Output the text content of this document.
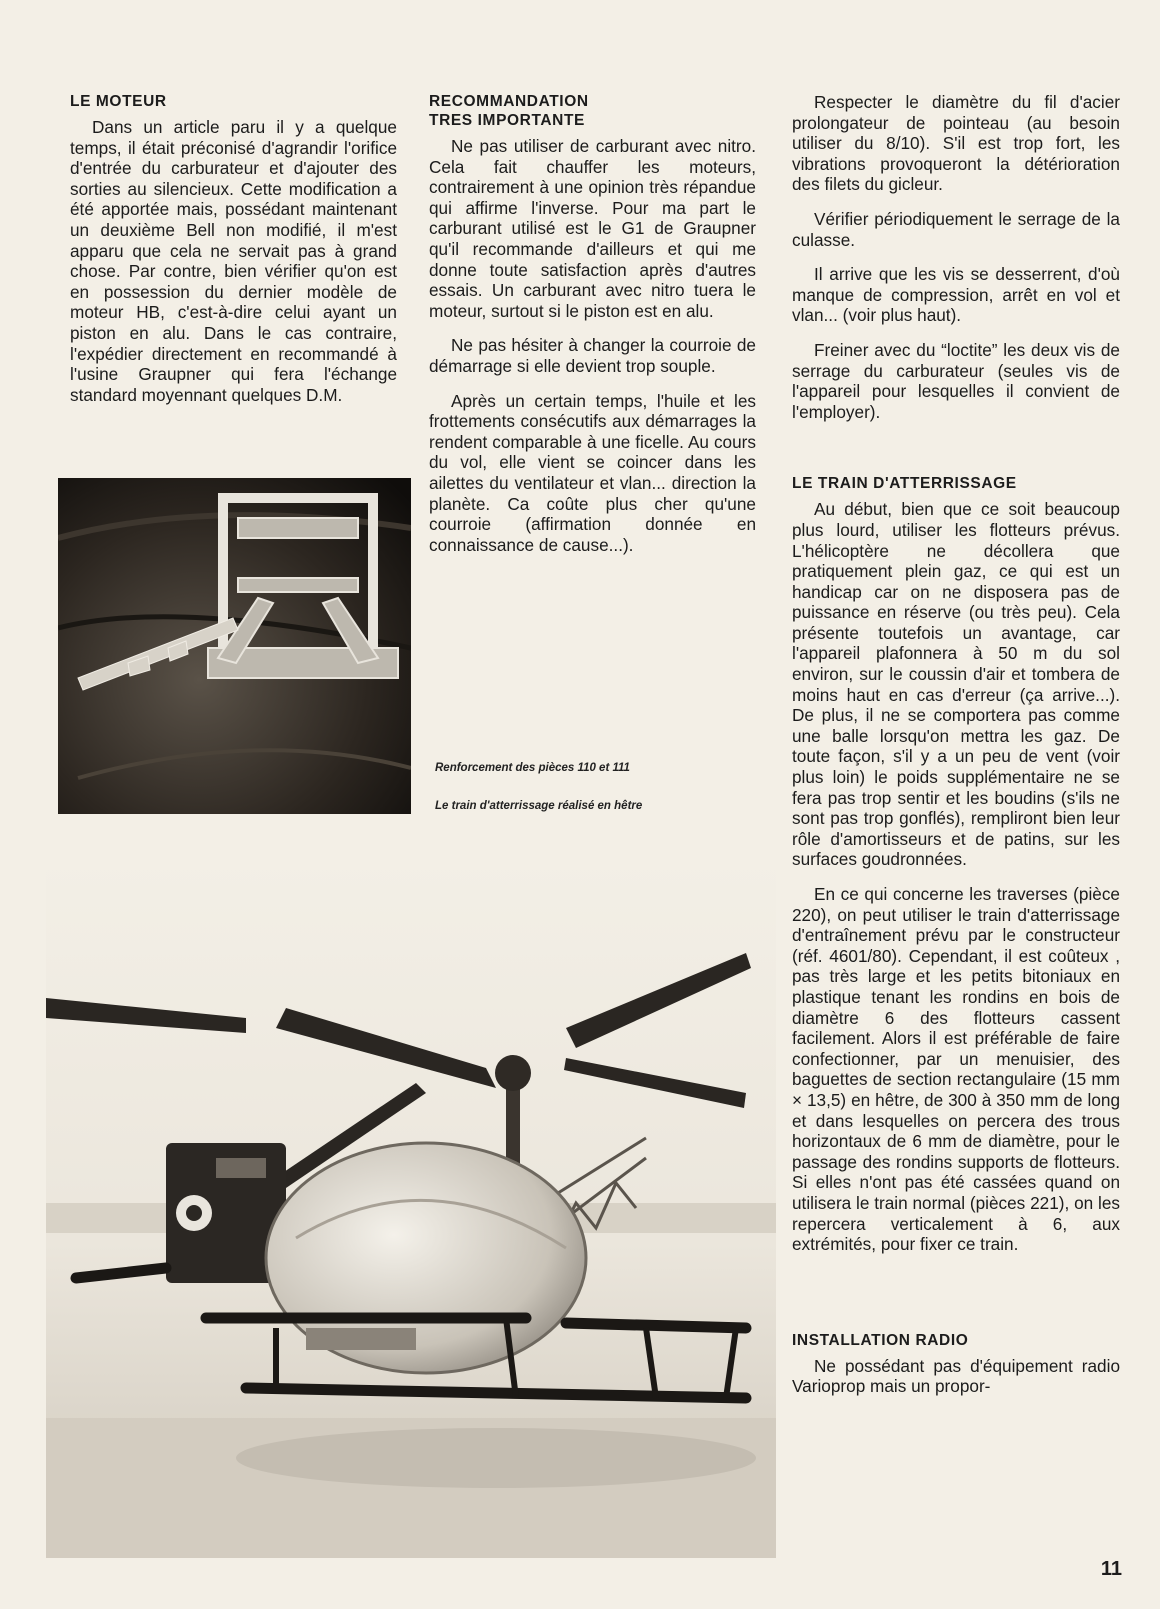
LE MOTEUR

Dans un article paru il y a quelque temps, il était préconisé d'agrandir l'orifice d'entrée du carburateur et d'ajouter des sorties au silencieux. Cette modification a été apportée mais, possédant maintenant un deuxième Bell non modifié, il m'est apparu que cela ne servait pas à grand chose. Par contre, bien vérifier qu'on est en possession du dernier modèle de moteur HB, c'est-à-dire celui ayant un piston en alu. Dans le cas contraire, l'expédier directement en recommandé à l'usine Graupner qui fera l'échange standard moyennant quelques D.M.

RECOMMANDATION
TRES IMPORTANTE

Ne pas utiliser de carburant avec nitro. Cela fait chauffer les moteurs, contrairement à une opinion très répandue qui affirme l'inverse. Pour ma part le carburant utilisé est le G1 de Graupner qu'il recommande d'ailleurs et qui me donne toute satisfaction après d'autres essais. Un carburant avec nitro tuera le moteur, surtout si le piston est en alu.

Ne pas hésiter à changer la courroie de démarrage si elle devient trop souple.

Après un certain temps, l'huile et les frottements consécutifs aux démarrages la rendent comparable à une ficelle. Au cours du vol, elle vient se coincer dans les ailettes du ventilateur et vlan... direction la planète. Ca coûte plus cher qu'une courroie (affirmation donnée en connaissance de cause...).

Renforcement des pièces 110 et 111
Le train d'atterrissage réalisé en hêtre

Respecter le diamètre du fil d'acier prolongateur de pointeau (au besoin utiliser du 8/10). S'il est trop fort, les vibrations provoqueront la détérioration des filets du gicleur.

Vérifier périodiquement le serrage de la culasse.

Il arrive que les vis se desserrent, d'où manque de compression, arrêt en vol et vlan... (voir plus haut).

Freiner avec du “loctite” les deux vis de serrage du carburateur (seules vis de l'appareil pour lesquelles il convient de l'employer).

LE TRAIN D'ATTERRISSAGE

Au début, bien que ce soit beaucoup plus lourd, utiliser les flotteurs prévus. L'hélicoptère ne décollera que pratiquement plein gaz, ce qui est un handicap car on ne disposera pas de puissance en réserve (ou très peu). Cela présente toutefois un avantage, car l'appareil plafonnera à 50 m du sol environ, sur le coussin d'air et tombera de moins haut en cas d'erreur (ça arrive...). De plus, il ne se comportera pas comme une balle lorsqu'on mettra les gaz. De toute façon, s'il y a un peu de vent (voir plus loin) le poids supplémentaire ne se fera pas trop sentir et les boudins (s'ils ne sont pas trop gonflés), rempliront bien leur rôle d'amortisseurs et de patins, sur les surfaces goudronnées.

En ce qui concerne les traverses (pièce 220), on peut utiliser le train d'atterrissage d'entraînement prévu par le constructeur (réf. 4601/80). Cependant, il est coûteux , pas très large et les petits bitoniaux en plastique tenant les rondins en bois de diamètre 6 des flotteurs cassent facilement. Alors il est préférable de faire confectionner, par un menuisier, des baguettes de section rectangulaire (15 mm × 13,5) en hêtre, de 300 à 350 mm de long et dans lesquelles on percera des trous horizontaux de 6 mm de diamètre, pour le passage des rondins supports de flotteurs. Si elles n'ont pas été cassées quand on utilisera le train normal (pièces 221), on les repercera verticalement à 6, aux extrémités, pour fixer ce train.

INSTALLATION RADIO

Ne possédant pas d'équipement radio Varioprop mais un propor-

11
